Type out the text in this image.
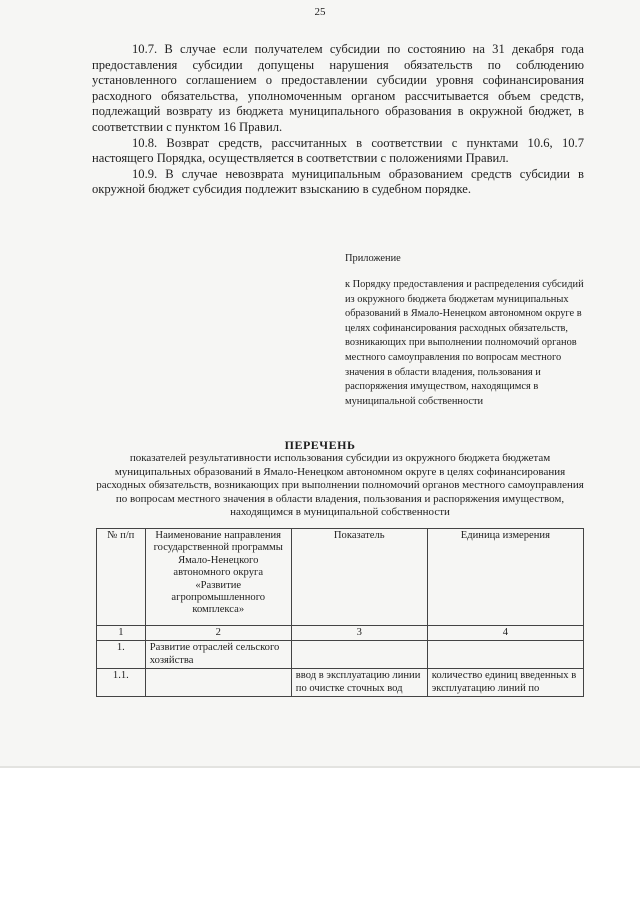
25

10.7. В случае если получателем субсидии по состоянию на 31 декабря года предоставления субсидии допущены нарушения обязательств по соблюдению установленного соглашением о предоставлении субсидии уровня софинансирования расходного обязательства, уполномоченным органом рассчитывается объем средств, подлежащий возврату из бюджета муниципального образования в окружной бюджет, в соответствии с пунктом 16 Правил.

10.8. Возврат средств, рассчитанных в соответствии с пунктами 10.6, 10.7 настоящего Порядка, осуществляется в соответствии с положениями Правил.

10.9. В случае невозврата муниципальным образованием средств субсидии в окружной бюджет субсидия подлежит взысканию в судебном порядке.

Приложение
к Порядку предоставления и распределения субсидий из окружного бюджета бюджетам муниципальных образований в Ямало-Ненецком автономном округе в целях софинансирования расходных обязательств, возникающих при выполнении полномочий органов местного самоуправления по вопросам местного значения в области владения, пользования и распоряжения имуществом, находящимся в муниципальной собственности
ПЕРЕЧЕНЬ
показателей результативности использования субсидии из окружного бюджета бюджетам муниципальных образований в Ямало-Ненецком автономном округе в целях софинансирования расходных обязательств, возникающих при выполнении полномочий органов местного самоуправления по вопросам местного значения в области владения, пользования и распоряжения имуществом, находящимся в муниципальной собственности
№ п/п	Наименование направления государственной программы Ямало-Ненецкого автономного округа «Развитие агропромышленного комплекса»	Показатель	Единица измерения
1	2	3	4
1.	Развитие отраслей сельского хозяйства		
1.1.		ввод в эксплуатацию линии по очистке сточных вод	количество единиц введенных в эксплуатацию линий по
